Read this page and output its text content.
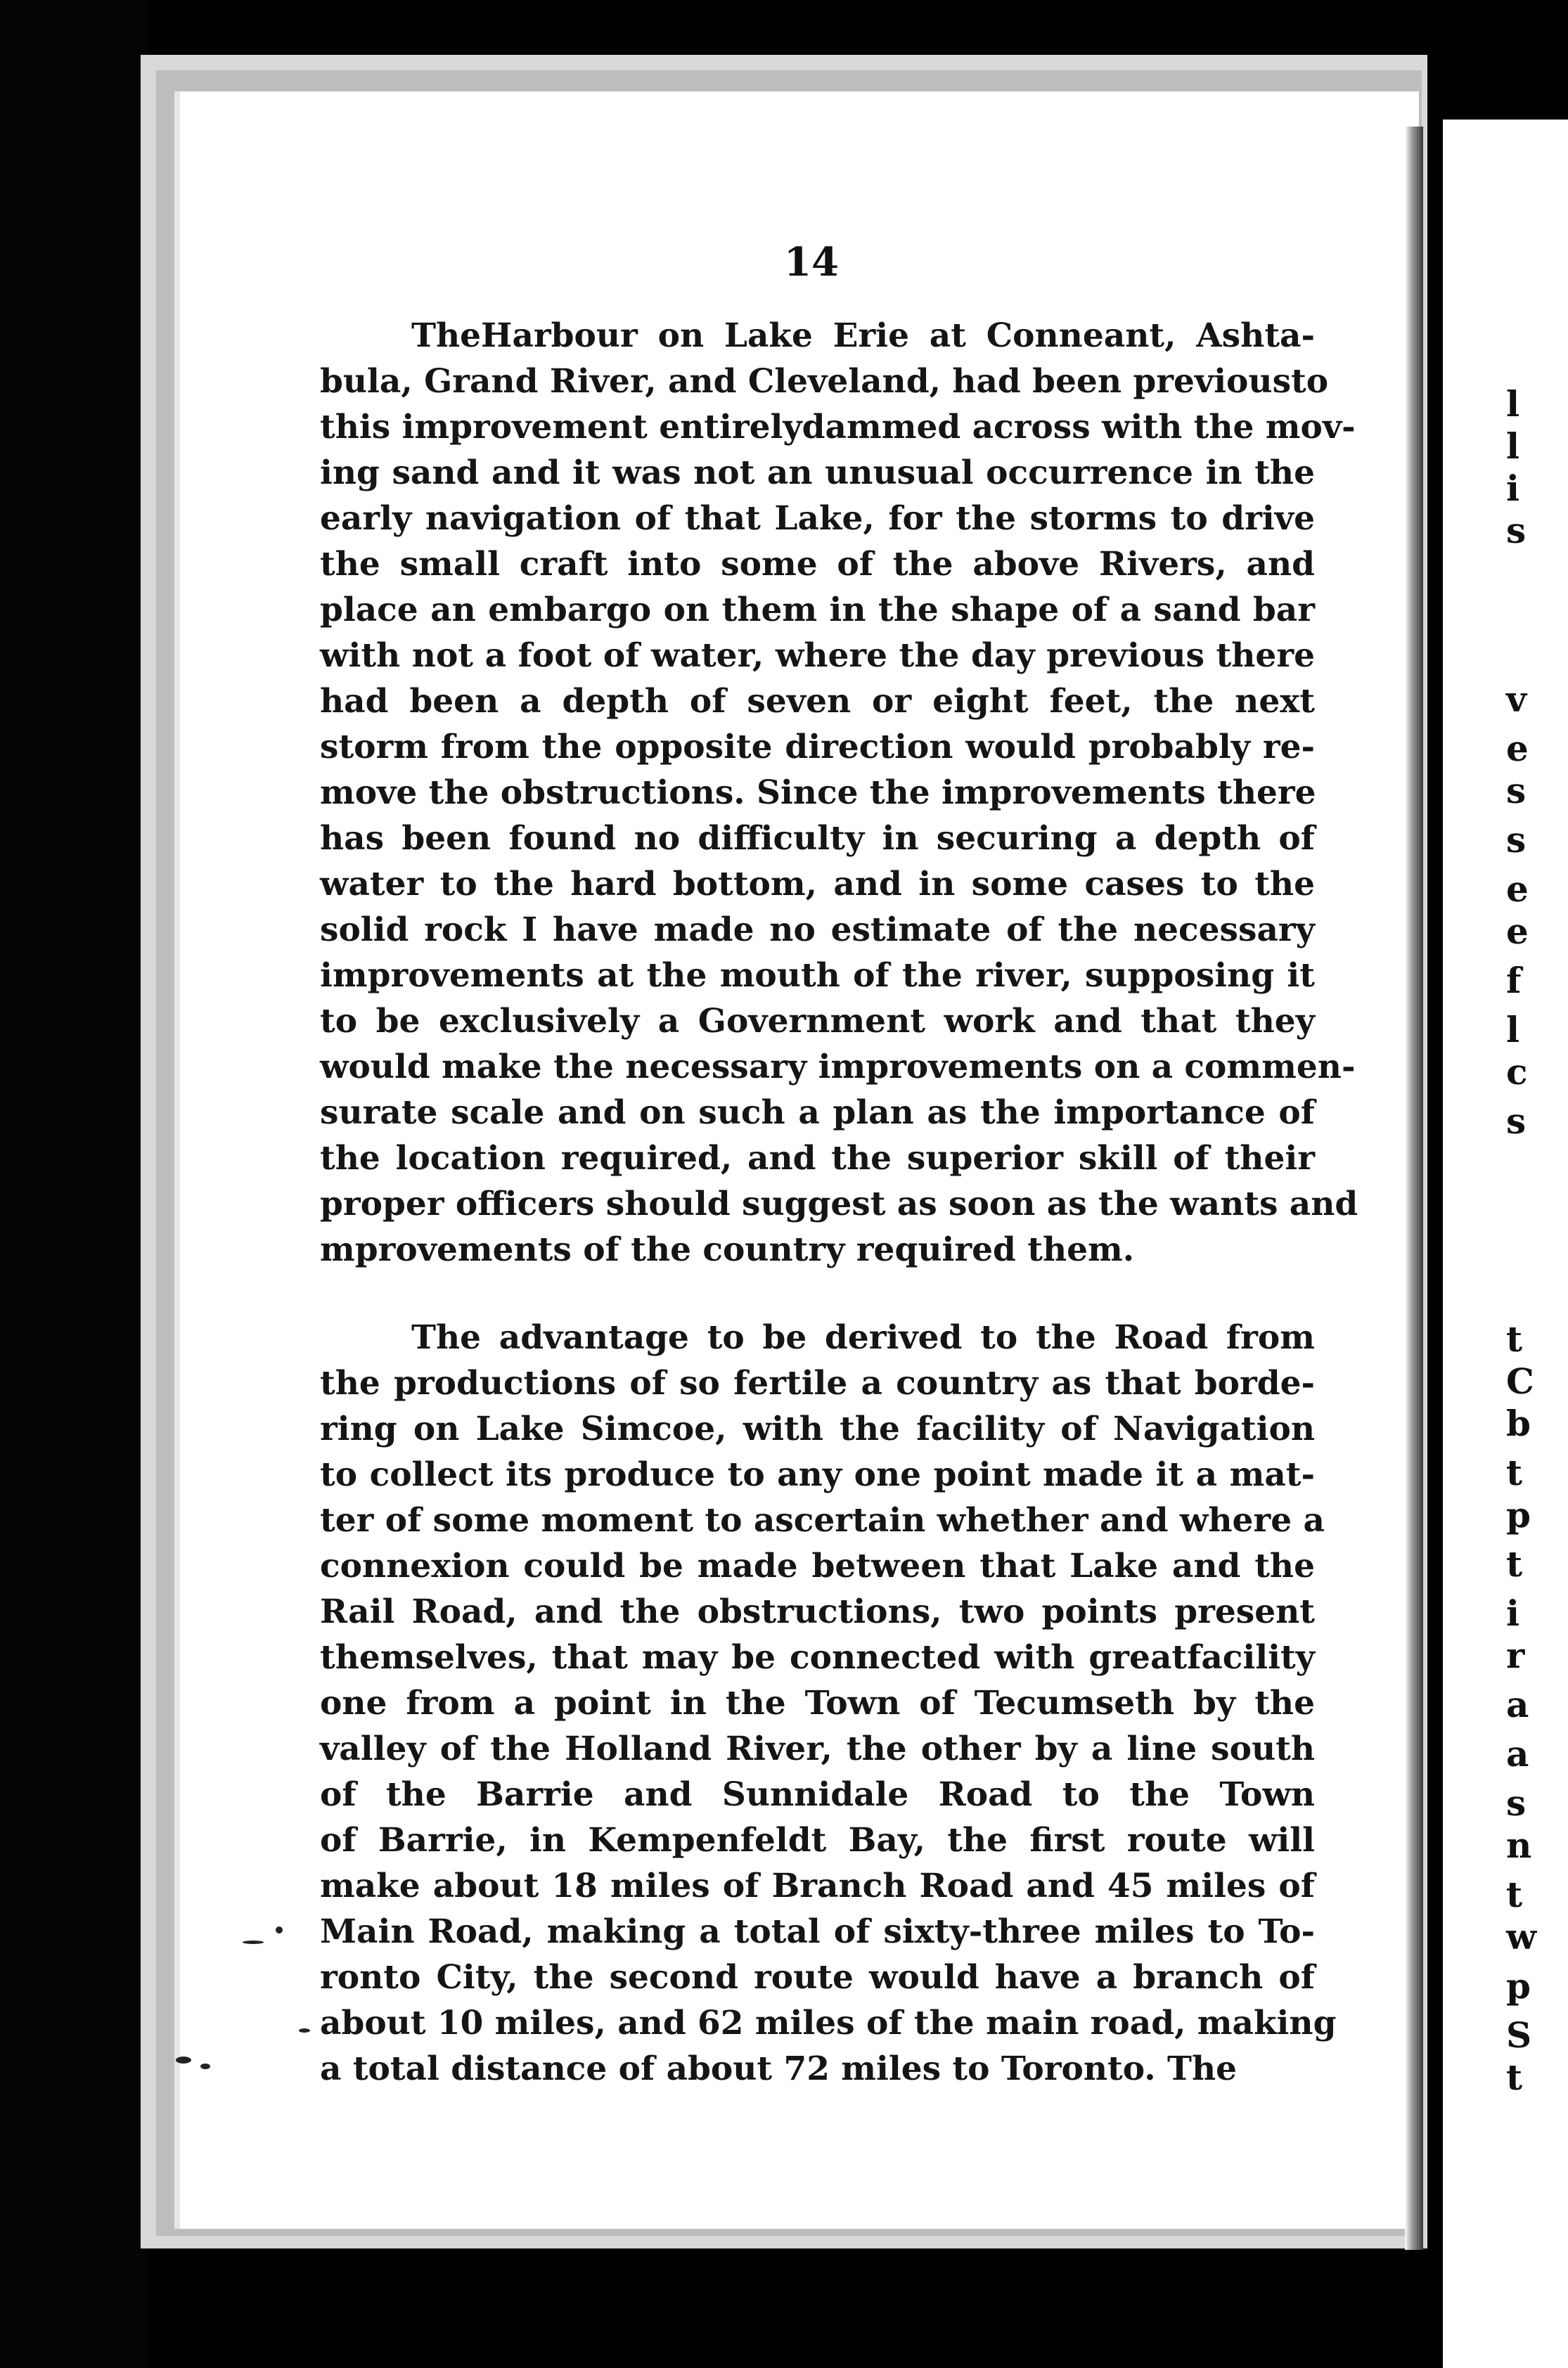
l
l
i
s
v
e
s
s
e
e
f
l
c
s
t
C
b
t
p
t
i
r
a
a
s
n
t
w
p
S
t
14

TheHarbour on Lake Erie at Conneant, Ashta-
bula, Grand River, and Cleveland, had been previousto
this improvement entirelydammed across with the mov-
ing sand and it was not an unusual occurrence in the
early navigation of that Lake, for the storms to drive
the small craft into some of the above Rivers, and
place an embargo on them in the shape of a sand bar
with not a foot of water, where the day previous there
had been a depth of seven or eight feet, the next
storm from the opposite direction would probably re-
move the obstructions. Since the improvements there
has been found no difficulty in securing a depth of
water to the hard bottom, and in some cases to the
solid rock I have made no estimate of the necessary
improvements at the mouth of the river, supposing it
to be exclusively a Government work and that they
would make the necessary improvements on a commen-
surate scale and on such a plan as the importance of
the location required, and the superior skill of their
proper officers should suggest as soon as the wants and
mprovements of the country required them.

The advantage to be derived to the Road from
the productions of so fertile a country as that borde-
ring on Lake Simcoe, with the facility of Navigation
to collect its produce to any one point made it a mat-
ter of some moment to ascertain whether and where a
connexion could be made between that Lake and the
Rail Road, and the obstructions, two points present
themselves, that may be connected with greatfacility
one from a point in the Town of Tecumseth by the
valley of the Holland River, the other by a line south
of the Barrie and Sunnidale Road to the Town
of Barrie, in Kempenfeldt Bay, the first route will
make about 18 miles of Branch Road and 45 miles of
Main Road, making a total of sixty-three miles to To-
ronto City, the second route would have a branch of
about 10 miles, and 62 miles of the main road, making
a total distance of about 72 miles to Toronto. The
